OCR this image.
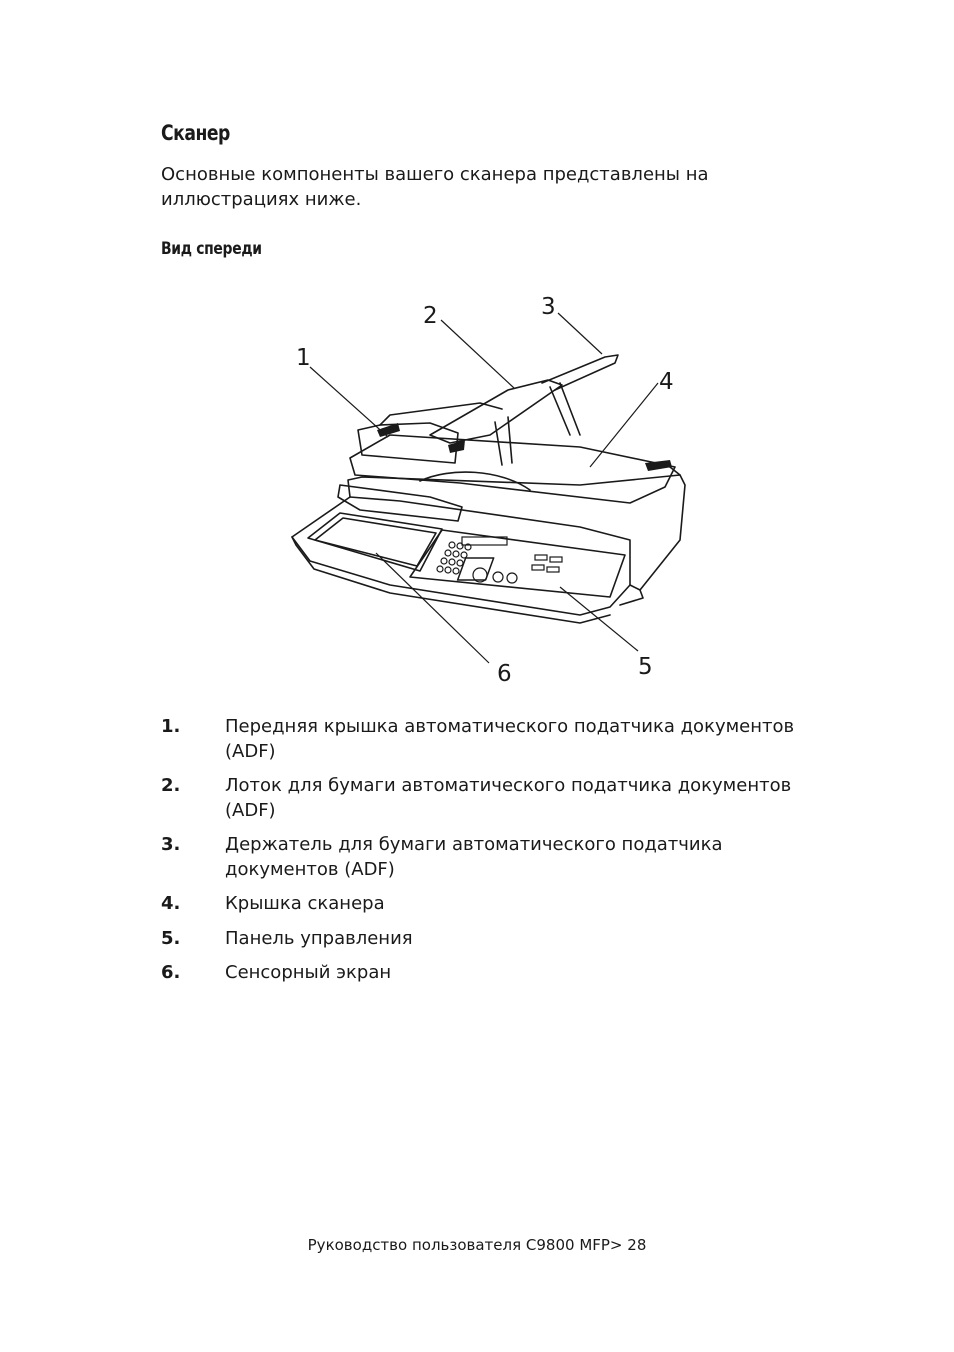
Сканер
Основные компоненты вашего сканера представлены на иллюстрациях ниже.
Вид спереди
1
2	3
4
5
6
1. Передняя крышка автоматического податчика документов (ADF)
2. Лоток для бумаги автоматического податчика документов (ADF)
3. Держатель для бумаги автоматического податчика документов (ADF)
4. Крышка сканера
5. Панель управления
6. Сенсорный экран
Руководство пользователя C9800 MFP> 28
